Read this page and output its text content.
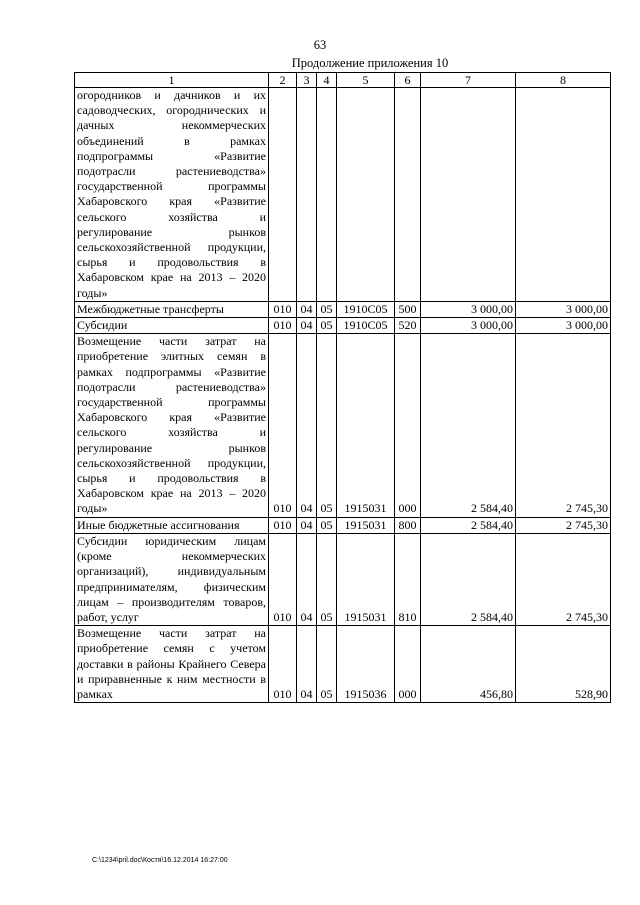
63
Продолжение приложения 10
1	2	3	4	5	6	7	8
огородников и дачников и их садоводческих, огороднических и дачных некоммерческих объединений в рамках подпрограммы «Развитие подотрасли растениеводства» государственной программы Хабаровского края «Развитие сельского хозяйства и регулирование рынков сельскохозяйственной продукции, сырья и продовольствия в Хабаровском крае на 2013 – 2020 годы»							
Межбюджетные трансферты	010	04	05	1910С05	500	3 000,00	3 000,00
Субсидии	010	04	05	1910С05	520	3 000,00	3 000,00
Возмещение части затрат на приобретение элитных семян в рамках подпрограммы «Развитие подотрасли растениеводства» государственной программы Хабаровского края «Развитие сельского хозяйства и регулирование рынков сельскохозяйственной продукции, сырья и продовольствия в Хабаровском крае на 2013 – 2020 годы»	010	04	05	1915031	000	2 584,40	2 745,30
Иные бюджетные ассигнования	010	04	05	1915031	800	2 584,40	2 745,30
Субсидии юридическим лицам (кроме некоммерческих организаций), индивидуальным предпринимателям, физическим лицам – производителям товаров, работ, услуг	010	04	05	1915031	810	2 584,40	2 745,30
Возмещение части затрат на приобретение семян с учетом доставки в районы Крайнего Севера и приравненные к ним местности в рамках	010	04	05	1915036	000	456,80	528,90
C:\1234\pril.doc\Костя\16.12.2014 16:27:00
